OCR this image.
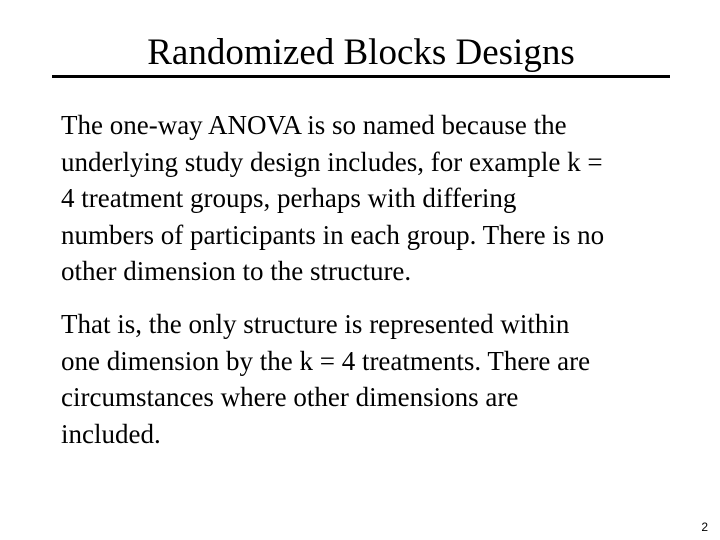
Randomized Blocks Designs
The one-way ANOVA is so named because the
underlying study design includes, for example k =
4 treatment groups, perhaps with differing
numbers of participants in each group. There is no
other dimension to the structure.
That is, the only structure is represented within
one dimension by the k = 4 treatments. There are
circumstances where other dimensions are
included.
2
